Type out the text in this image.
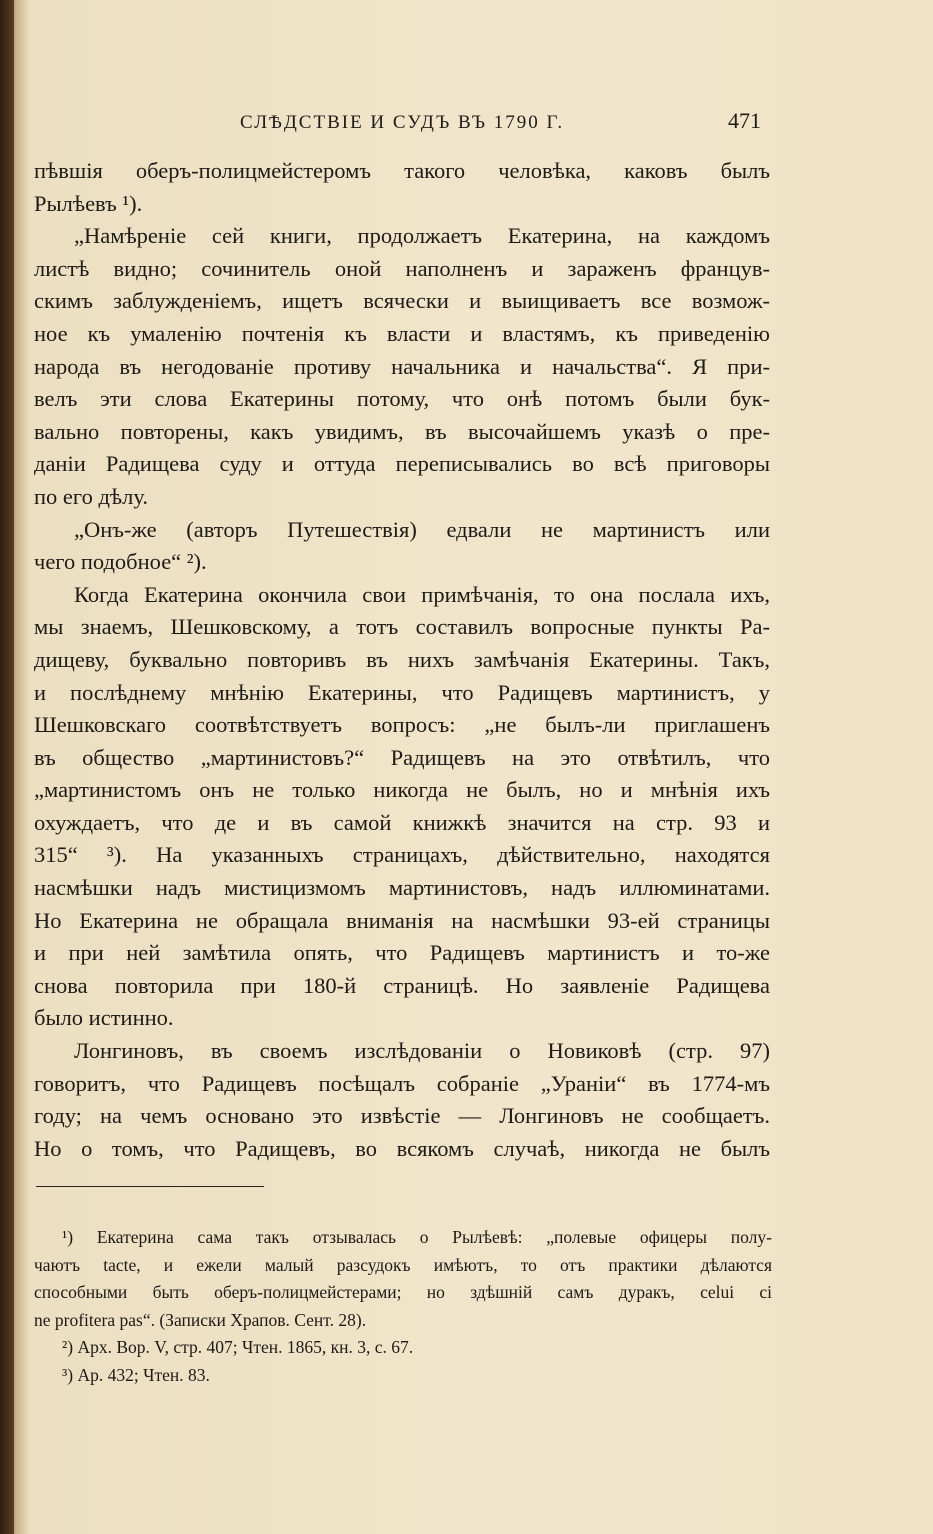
СЛѢДСТВІЕ И СУДЪ ВЪ 1790 Г.	471
пѣвшія оберъ-полицмейстеромъ такого человѣка, каковъ былъ
Рылѣевъ ¹).
„Намѣреніе сей книги, продолжаетъ Екатерина, на каждомъ
листѣ видно; сочинитель оной наполненъ и зараженъ францув-
скимъ заблужденіемъ, ищетъ всячески и выищиваетъ все возмож-
ное къ умаленію почтенія къ власти и властямъ, къ приведенію
народа въ негодованіе противу начальника и начальства“. Я при-
велъ эти слова Екатерины потому, что онѣ потомъ были бук-
вально повторены, какъ увидимъ, въ высочайшемъ указѣ о пре-
даніи Радищева суду и оттуда переписывались во всѣ приговоры
по его дѣлу.
„Онъ-же (авторъ Путешествія) едвали не мартинистъ или
чего подобное“ ²).
Когда Екатерина окончила свои примѣчанія, то она послала ихъ,
мы знаемъ, Шешковскому, а тотъ составилъ вопросные пункты Ра-
дищеву, буквально повторивъ въ нихъ замѣчанія Екатерины. Такъ,
и послѣднему мнѣнію Екатерины, что Радищевъ мартинистъ, у
Шешковскаго соотвѣтствуетъ вопросъ: „не былъ-ли приглашенъ
въ общество „мартинистовъ?“ Радищевъ на это отвѣтилъ, что
„мартинистомъ онъ не только никогда не былъ, но и мнѣнія ихъ
охуждаетъ, что де и въ самой книжкѣ значится на стр. 93 и
315“ ³). На указанныхъ страницахъ, дѣйствительно, находятся
насмѣшки надъ мистицизмомъ мартинистовъ, надъ иллюминатами.
Но Екатерина не обращала вниманія на насмѣшки 93-ей страницы
и при ней замѣтила опять, что Радищевъ мартинистъ и то-же
снова повторила при 180-й страницѣ. Но заявленіе Радищева
было истинно.
Лонгиновъ, въ своемъ изслѣдованіи о Новиковѣ (стр. 97)
говоритъ, что Радищевъ посѣщалъ собраніе „Ураніи“ въ 1774-мъ
году; на чемъ основано это извѣстіе — Лонгиновъ не сообщаетъ.
Но о томъ, что Радищевъ, во всякомъ случаѣ, никогда не былъ
¹) Екатерина сама такъ отзывалась о Рылѣевѣ: „полевые офицеры полу-
чаютъ tacte, и ежели малый разсудокъ имѣютъ, то отъ практики дѣлаются
способными быть оберъ-полицмейстерами; но здѣшній самъ дуракъ, celui ci
ne profitera pas“. (Записки Храпов. Сент. 28).
²) Арх. Вор. V, стр. 407; Чтен. 1865, кн. 3, с. 67.
³) Ар. 432; Чтен. 83.
